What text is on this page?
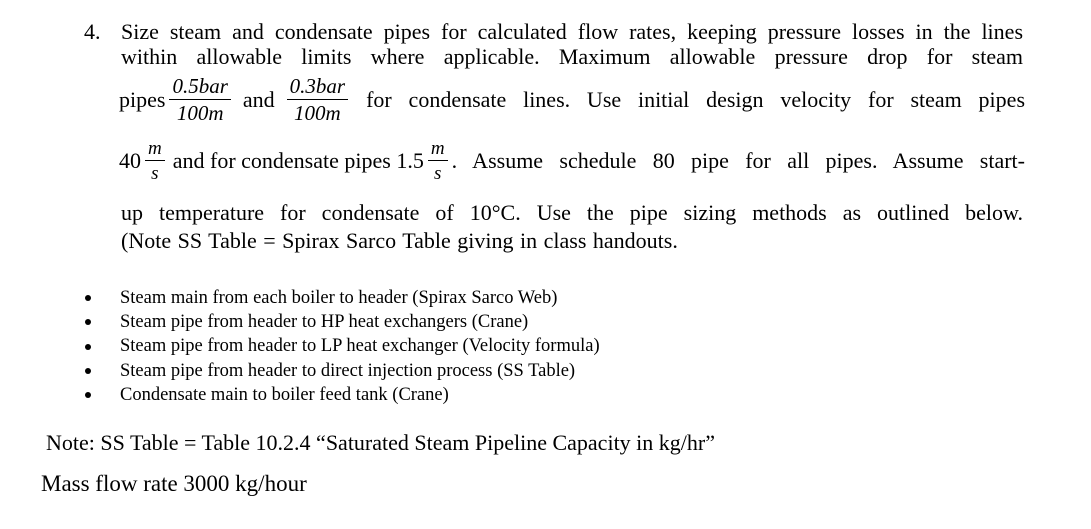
4. Size steam and condensate pipes for calculated flow rates, keeping pressure losses in the lines
within allowable limits where applicable. Maximum allowable pressure drop for steam
pipes $\frac{\text{0.5bar}}{100m}$ and $\frac{\text{0.3bar}}{100m}$ for condensate lines. Use initial design velocity for steam pipes
$40 \frac{m}{s}$ and for condensate pipes $1.5 \frac{m}{s}$ . Assume schedule 80 pipe for all pipes. Assume start-
up temperature for condensate of 10°C. Use the pipe sizing methods as outlined below.
(Note SS Table = Spirax Sarco Table giving in class handouts.
Steam main from each boiler to header (Spirax Sarco Web)
Steam pipe from header to HP heat exchangers (Crane)
Steam pipe from header to LP heat exchanger (Velocity formula)
Steam pipe from header to direct injection process (SS Table)
Condensate main to boiler feed tank (Crane)
Note: SS Table = Table 10.2.4 “Saturated Steam Pipeline Capacity in kg/hr”
Mass flow rate 3000 kg/hour
